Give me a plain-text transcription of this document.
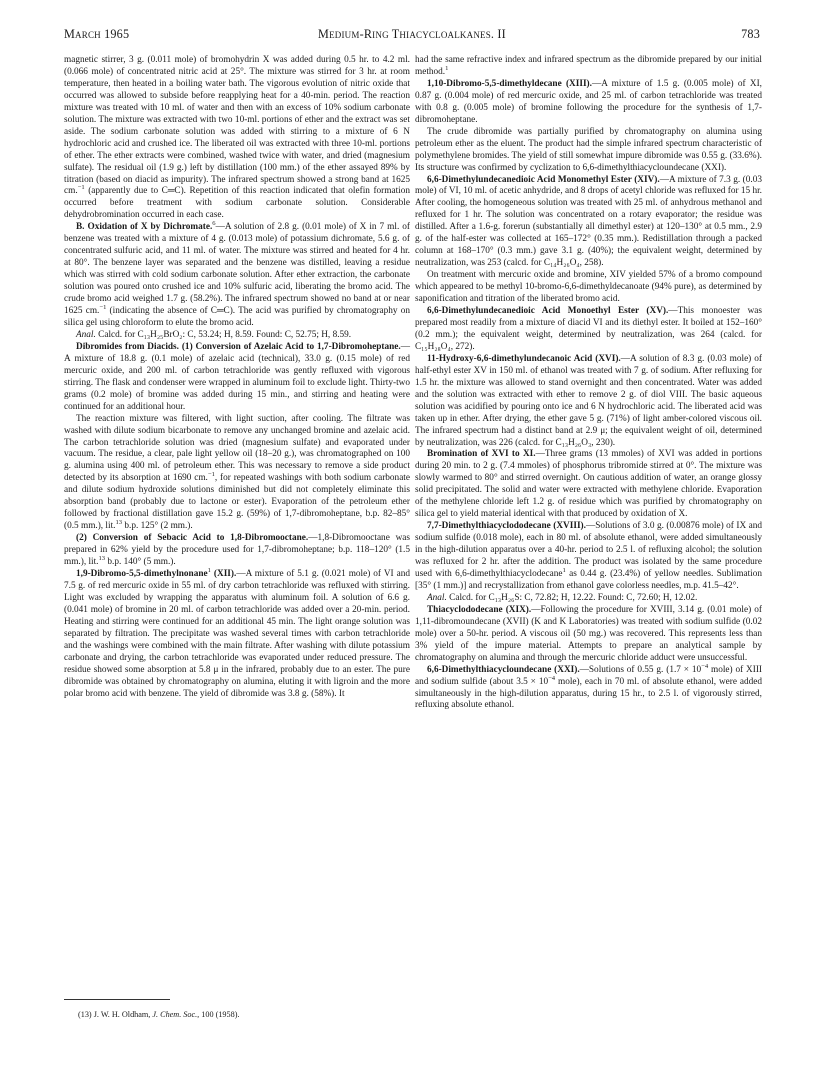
March 1965	Medium-Ring Thiacycloalkanes. II	783

magnetic stirrer, 3 g. (0.011 mole) of bromohydrin X was added during 0.5 hr. to 4.2 ml. (0.066 mole) of concentrated nitric acid at 25°. The mixture was stirred for 3 hr. at room temperature, then heated in a boiling water bath. The vigorous evolution of nitric oxide that occurred was allowed to subside before reapplying heat for a 40-min. period. The reaction mixture was treated with 10 ml. of water and then with an excess of 10% sodium carbonate solution. The mixture was extracted with two 10-ml. portions of ether and the extract was set aside. The sodium carbonate solution was added with stirring to a mixture of 6 N hydrochloric acid and crushed ice. The liberated oil was extracted with three 10-ml. portions of ether. The ether extracts were combined, washed twice with water, and dried (magnesium sulfate). The residual oil (1.9 g.) left by distillation (100 mm.) of the ether assayed 89% by titration (based on diacid as impurity). The infrared spectrum showed a strong band at 1625 cm.$^{-1}$ (apparently due to C═C). Repetition of this reaction indicated that olefin formation occurred before treatment with sodium carbonate solution. Considerable dehydrobromination occurred in each case.

B. Oxidation of X by Dichromate.$^6$—A solution of 2.8 g. (0.01 mole) of X in 7 ml. of benzene was treated with a mixture of 4 g. (0.013 mole) of potassium dichromate, 5.6 g. of concentrated sulfuric acid, and 11 ml. of water. The mixture was stirred and heated for 4 hr. at 80°. The benzene layer was separated and the benzene was distilled, leaving a residue which was stirred with cold sodium carbonate solution. After ether extraction, the carbonate solution was poured onto crushed ice and 10% sulfuric acid, liberating the bromo acid. The crude bromo acid weighed 1.7 g. (58.2%). The infrared spectrum showed no band at or near 1625 cm.$^{-1}$ (indicating the absence of C═C). The acid was purified by chromatography on silica gel using chloroform to elute the bromo acid.

Anal. Calcd. for C₁₃H₂₅BrO₂: C, 53.24; H, 8.59. Found: C, 52.75; H, 8.59.

Dibromides from Diacids. (1) Conversion of Azelaic Acid to 1,7-Dibromoheptane.—A mixture of 18.8 g. (0.1 mole) of azelaic acid (technical), 33.0 g. (0.15 mole) of red mercuric oxide, and 200 ml. of carbon tetrachloride was gently refluxed with vigorous stirring. The flask and condenser were wrapped in aluminum foil to exclude light. Thirty-two grams (0.2 mole) of bromine was added during 15 min., and stirring and heating were continued for an additional hour.

The reaction mixture was filtered, with light suction, after cooling. The filtrate was washed with dilute sodium bicarbonate to remove any unchanged bromine and azelaic acid. The carbon tetrachloride solution was dried (magnesium sulfate) and evaporated under vacuum. The residue, a clear, pale light yellow oil (18–20 g.), was chromatographed on 100 g. alumina using 400 ml. of petroleum ether. This was necessary to remove a side product detected by its absorption at 1690 cm.$^{-1}$, for repeated washings with both sodium carbonate and dilute sodium hydroxide solutions diminished but did not completely eliminate this absorption band (probably due to lactone or ester). Evaporation of the petroleum ether followed by fractional distillation gave 15.2 g. (59%) of 1,7-dibromoheptane, b.p. 82–85° (0.5 mm.), lit.$^{13}$ b.p. 125° (2 mm.).

(2) Conversion of Sebacic Acid to 1,8-Dibromooctane.—1,8-Dibromooctane was prepared in 62% yield by the procedure used for 1,7-dibromoheptane; b.p. 118–120° (1.5 mm.), lit.$^{13}$ b.p. 140° (5 mm.).

1,9-Dibromo-5,5-dimethylnonane$^1$ (XII).—A mixture of 5.1 g. (0.021 mole) of VI and 7.5 g. of red mercuric oxide in 55 ml. of dry carbon tetrachloride was refluxed with stirring. Light was excluded by wrapping the apparatus with aluminum foil. A solution of 6.6 g. (0.041 mole) of bromine in 20 ml. of carbon tetrachloride was added over a 20-min. period. Heating and stirring were continued for an additional 45 min. The light orange solution was separated by filtration. The precipitate was washed several times with carbon tetrachloride and the washings were combined with the main filtrate. After washing with dilute potassium carbonate and drying, the carbon tetrachloride was evaporated under reduced pressure. The residue showed some absorption at 5.8 μ in the infrared, probably due to an ester. The pure dibromide was obtained by chromatography on alumina, eluting it with ligroin and the more polar bromo acid with benzene. The yield of dibromide was 3.8 g. (58%). It

had the same refractive index and infrared spectrum as the dibromide prepared by our initial method.$^1$

1,10-Dibromo-5,5-dimethyldecane (XIII).—A mixture of 1.5 g. (0.005 mole) of XI, 0.87 g. (0.004 mole) of red mercuric oxide, and 25 ml. of carbon tetrachloride was treated with 0.8 g. (0.005 mole) of bromine following the procedure for the synthesis of 1,7-dibromoheptane.

The crude dibromide was partially purified by chromatography on alumina using petroleum ether as the eluent. The product had the simple infrared spectrum characteristic of polymethylene bromides. The yield of still somewhat impure dibromide was 0.55 g. (33.6%). Its structure was confirmed by cyclization to 6,6-dimethylthiacycloundecane (XXI).

6,6-Dimethylundecanedioic Acid Monomethyl Ester (XIV).—A mixture of 7.3 g. (0.03 mole) of VI, 10 ml. of acetic anhydride, and 8 drops of acetyl chloride was refluxed for 15 hr. After cooling, the homogeneous solution was treated with 25 ml. of anhydrous methanol and refluxed for 1 hr. The solution was concentrated on a rotary evaporator; the residue was distilled. After a 1.6-g. forerun (substantially all dimethyl ester) at 120–130° at 0.5 mm., 2.9 g. of the half-ester was collected at 165–172° (0.35 mm.). Redistillation through a packed column at 168–170° (0.3 mm.) gave 3.1 g. (40%); the equivalent weight, determined by neutralization, was 253 (calcd. for C₁₄H₂₆O₄, 258).

On treatment with mercuric oxide and bromine, XIV yielded 57% of a bromo compound which appeared to be methyl 10-bromo-6,6-dimethyldecanoate (94% pure), as determined by saponification and titration of the liberated bromo acid.

6,6-Dimethylundecanedioic Acid Monoethyl Ester (XV).—This monoester was prepared most readily from a mixture of diacid VI and its diethyl ester. It boiled at 152–160° (0.2 mm.); the equivalent weight, determined by neutralization, was 264 (calcd. for C₁₅H₂₈O₄, 272).

11-Hydroxy-6,6-dimethylundecanoic Acid (XVI).—A solution of 8.3 g. (0.03 mole) of half-ethyl ester XV in 150 ml. of ethanol was treated with 7 g. of sodium. After refluxing for 1.5 hr. the mixture was allowed to stand overnight and then concentrated. Water was added and the solution was extracted with ether to remove 2 g. of diol VIII. The basic aqueous solution was acidified by pouring onto ice and 6 N hydrochloric acid. The liberated acid was taken up in ether. After drying, the ether gave 5 g. (71%) of light amber-colored viscous oil. The infrared spectrum had a distinct band at 2.9 μ; the equivalent weight of oil, determined by neutralization, was 226 (calcd. for C₁₃H₂₆O₃, 230).

Bromination of XVI to XI.—Three grams (13 mmoles) of XVI was added in portions during 20 min. to 2 g. (7.4 mmoles) of phosphorus tribromide stirred at 0°. The mixture was slowly warmed to 80° and stirred overnight. On cautious addition of water, an orange glossy solid precipitated. The solid and water were extracted with methylene chloride. Evaporation of the methylene chloride left 1.2 g. of residue which was purified by chromatography on silica gel to yield material identical with that produced by oxidation of X.

7,7-Dimethylthiacyclododecane (XVIII).—Solutions of 3.0 g. (0.00876 mole) of IX and sodium sulfide (0.018 mole), each in 80 ml. of absolute ethanol, were added simultaneously in the high-dilution apparatus over a 40-hr. period to 2.5 l. of refluxing alcohol; the solution was refluxed for 2 hr. after the addition. The product was isolated by the same procedure used with 6,6-dimethylthiacyclodecane$^1$ as 0.44 g. (23.4%) of yellow needles. Sublimation [35° (1 mm.)] and recrystallization from ethanol gave colorless needles, m.p. 41.5–42°.

Anal. Calcd. for C₁₃H₂₆S: C, 72.82; H, 12.22. Found: C, 72.60; H, 12.02.

Thiacyclododecane (XIX).—Following the procedure for XVIII, 3.14 g. (0.01 mole) of 1,11-dibromoundecane (XVII) (K and K Laboratories) was treated with sodium sulfide (0.02 mole) over a 50-hr. period. A viscous oil (50 mg.) was recovered. This represents less than 3% yield of the impure material. Attempts to prepare an analytical sample by chromatography on alumina and through the mercuric chloride adduct were unsuccessful.

6,6-Dimethylthiacycloundecane (XXI).—Solutions of 0.55 g. ($1.7 \times 10^{-4}$ mole) of XIII and sodium sulfide (about $3.5 \times 10^{-4}$ mole), each in 70 ml. of absolute ethanol, were added simultaneously in the high-dilution apparatus, during 15 hr., to 2.5 l. of vigorously stirred, refluxing absolute ethanol.

(13) J. W. H. Oldham, J. Chem. Soc., 100 (1958).
